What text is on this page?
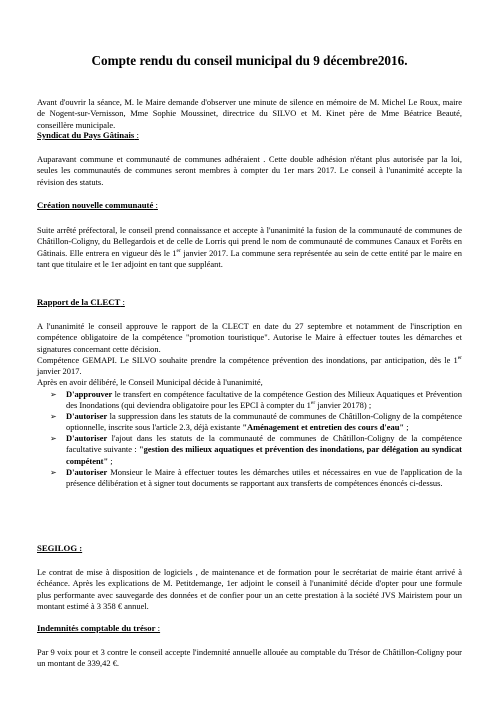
Compte rendu du conseil municipal du 9 décembre2016.
Avant d'ouvrir la séance, M. le Maire demande d'observer une minute de silence en mémoire de M. Michel Le Roux, maire de Nogent-sur-Vernisson, Mme Sophie Moussinet, directrice du SILVO et M. Kinet père de Mme Béatrice Beauté, conseillère municipale.
Syndicat du Pays Gâtinais :
Auparavant commune et communauté de communes adhéraient . Cette double adhésion n'étant plus autorisée par la loi, seules les communautés de communes seront membres à compter du 1er mars 2017. Le conseil à l'unanimité accepte la révision des statuts.
Création nouvelle communauté :
Suite arrêté préfectoral, le conseil prend connaissance et accepte à l'unanimité la fusion de la communauté de communes de Châtillon-Coligny, du Bellegardois et de celle de Lorris qui prend le nom de communauté de communes Canaux et Forêts en Gâtinais. Elle entrera en vigueur dès le 1er janvier 2017. La commune sera représentée au sein de cette entité par le maire en tant que titulaire et le 1er adjoint en tant que suppléant.
Rapport de la CLECT :
A l'unanimité le conseil approuve le rapport de la CLECT en date du 27 septembre et notamment de l'inscription en compétence obligatoire de la compétence "promotion touristique". Autorise le Maire à effectuer toutes les démarches et signatures concernant cette décision.
Compétence GEMAPI. Le SILVO souhaite prendre la compétence prévention des inondations, par anticipation, dès le 1er janvier 2017.
Après en avoir délibéré, le Conseil Municipal décide à l'unanimité,
➢	D'approuver le transfert en compétence facultative de la compétence Gestion des Milieux Aquatiques et Prévention des Inondations (qui deviendra obligatoire pour les EPCI à compter du 1er janvier 20178) ;
➢	D'autoriser la suppression dans les statuts de la communauté de communes de Châtillon-Coligny de la compétence optionnelle, inscrite sous l'article 2.3, déjà existante "Aménagement et entretien des cours d'eau" ;
➢	D'autoriser l'ajout dans les statuts de la communauté de communes de Châtillon-Coligny de la compétence facultative suivante : "gestion des milieux aquatiques et prévention des inondations, par délégation au syndicat compétent" ;
➢	D'autoriser Monsieur le Maire à effectuer toutes les démarches utiles et nécessaires en vue de l'application de la présence délibération et à signer tout documents se rapportant aux transferts de compétences énoncés ci-dessus.
SEGILOG :
Le contrat de mise à disposition de logiciels , de maintenance et de formation pour le secrétariat de mairie étant arrivé à échéance. Après les explications de M. Petitdemange, 1er adjoint le conseil à l'unanimité décide d'opter pour une formule plus performante avec sauvegarde des données et de confier pour un an cette prestation à la société JVS Mairistem pour un montant estimé à 3 358 € annuel.
Indemnités comptable du trésor :
Par 9 voix pour et 3 contre le conseil accepte l'indemnité annuelle allouée au comptable du Trésor de Châtillon-Coligny pour un montant de 339,42 €.
